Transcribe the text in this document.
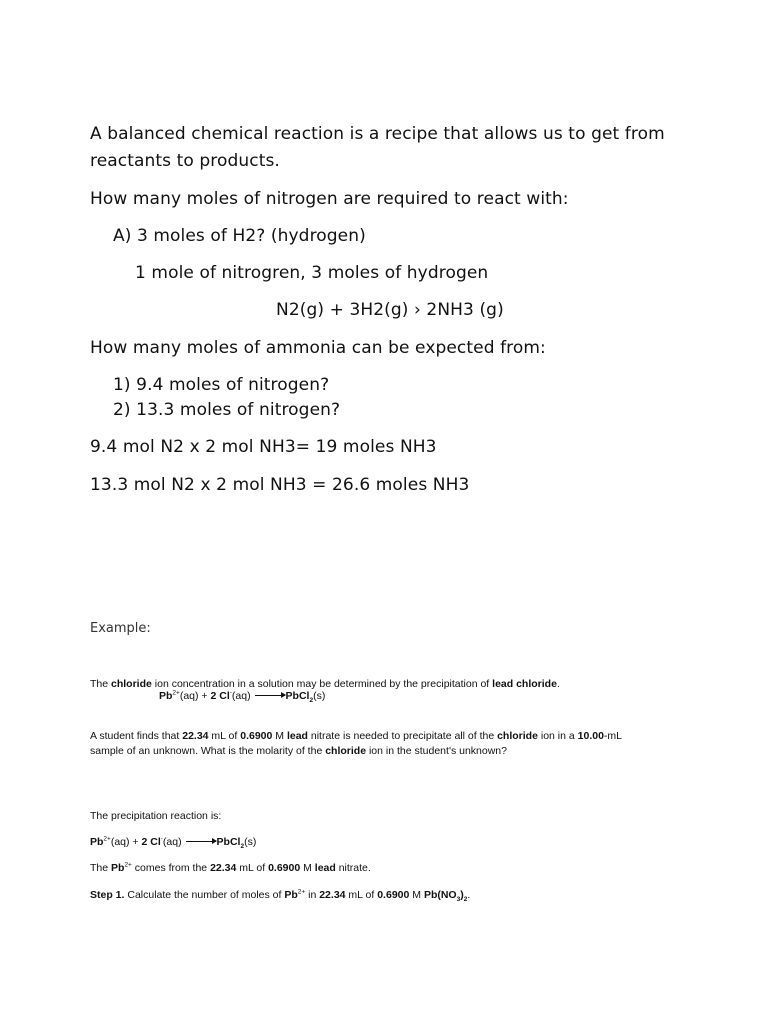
A balanced chemical reaction is a recipe that allows us to get from
reactants to products.
How many moles of nitrogen are required to react with:
A) 3 moles of H2? (hydrogen)
1 mole of nitrogren, 3 moles of hydrogen
N2(g) + 3H2(g) › 2NH3 (g)
How many moles of ammonia can be expected from:
1) 9.4 moles of nitrogen?
2) 13.3 moles of nitrogen?
9.4 mol N2 x 2 mol NH3= 19 moles NH3
13.3 mol N2 x 2 mol NH3 = 26.6 moles NH3
Example:
The chloride ion concentration in a solution may be determined by the precipitation of lead chloride.
$Pb^{2+}(aq) + 2$ Cl-(aq)	PbCl$_2$(s)
A student finds that 22.34 mL of 0.6900 M lead nitrate is needed to precipitate all of the chloride ion in a 10.00-mL
sample of an unknown. What is the molarity of the chloride ion in the student's unknown?
The precipitation reaction is:
$Pb^{2+}(aq) + 2$ Cl-(aq)	PbCl$_2$(s)
The $Pb^{2+}$ comes from the 22.34 mL of 0.6900 M lead nitrate.
Step 1. Calculate the number of moles of $Pb^{2+}$ in 22.34 mL of 0.6900 M $Pb(NO_3)_2$.
